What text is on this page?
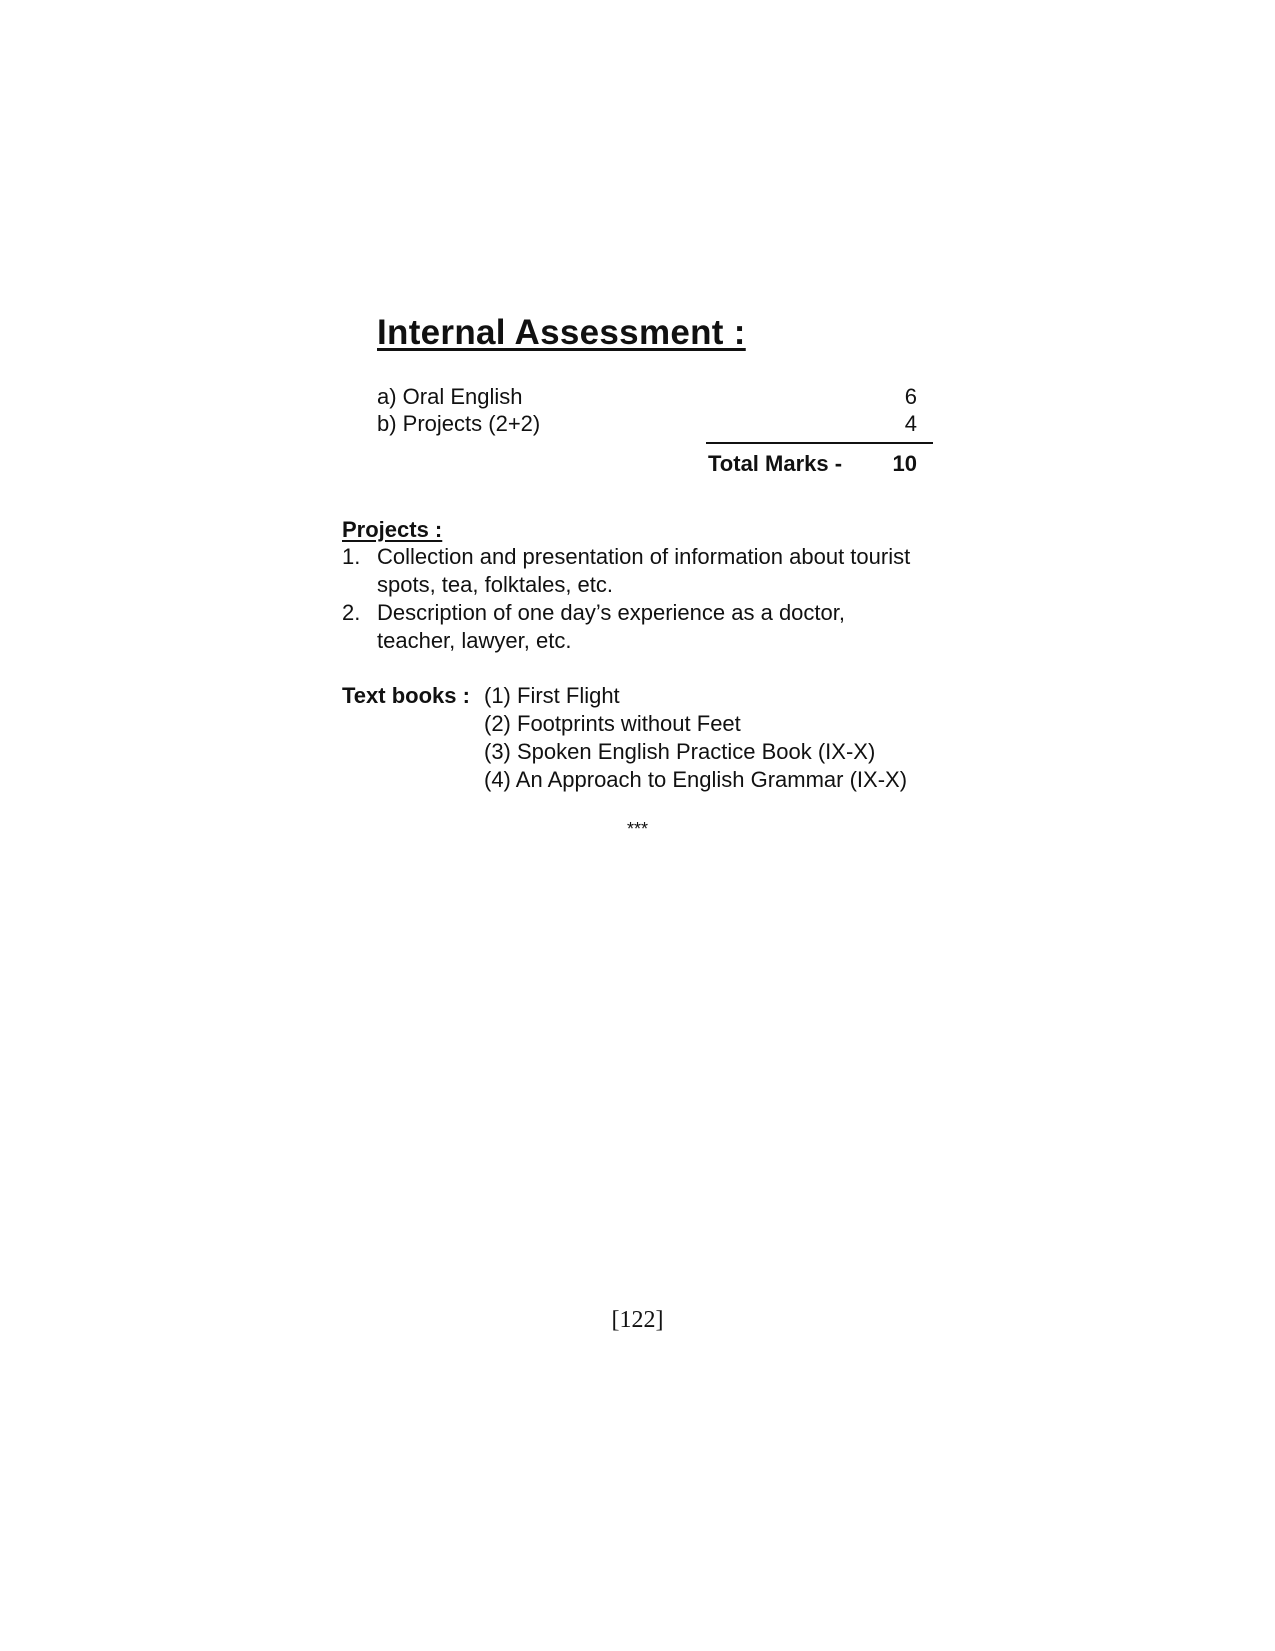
Internal Assessment :
a) Oral English	6
b) Projects (2+2)	4
Total Marks - 10
Projects :
1. Collection and presentation of information about tourist
spots, tea, folktales, etc.
2. Description of one day’s experience as a doctor,
teacher, lawyer, etc.
Text books : (1) First Flight
(2) Footprints without Feet
(3) Spoken English Practice Book (IX-X)
(4) An Approach to English Grammar (IX-X)
***
[122]
